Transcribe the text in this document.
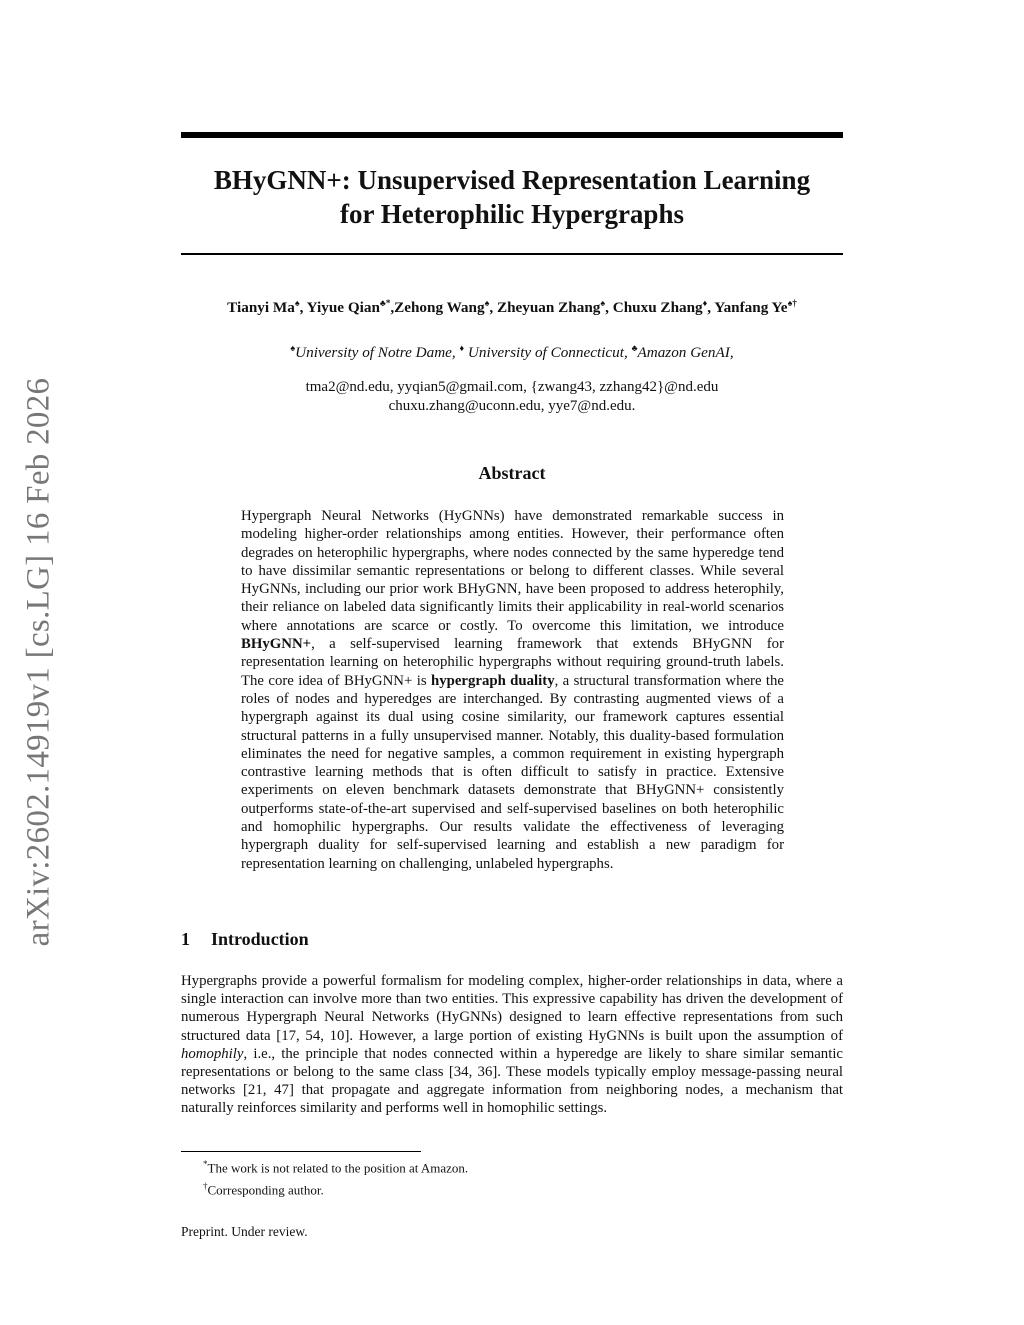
arXiv:2602.14919v1 [cs.LG] 16 Feb 2026
BHyGNN+: Unsupervised Representation Learning
for Heterophilic Hypergraphs
Tianyi Ma♠, Yiyue Qian♣*,Zehong Wang♠, Zheyuan Zhang♠, Chuxu Zhang♦, Yanfang Ye♠†
♠University of Notre Dame, ♦ University of Connecticut, ♣Amazon GenAI,
tma2@nd.edu, yyqian5@gmail.com, {zwang43, zzhang42}@nd.edu
chuxu.zhang@uconn.edu, yye7@nd.edu.
Abstract
Hypergraph Neural Networks (HyGNNs) have demonstrated remarkable success in modeling higher-order relationships among entities. However, their performance often degrades on heterophilic hypergraphs, where nodes connected by the same hyperedge tend to have dissimilar semantic representations or belong to different classes. While several HyGNNs, including our prior work BHyGNN, have been proposed to address heterophily, their reliance on labeled data significantly limits their applicability in real-world scenarios where annotations are scarce or costly. To overcome this limitation, we introduce BHyGNN+, a self-supervised learning framework that extends BHyGNN for representation learning on heterophilic hypergraphs without requiring ground-truth labels. The core idea of BHyGNN+ is hypergraph duality, a structural transformation where the roles of nodes and hyperedges are interchanged. By contrasting augmented views of a hypergraph against its dual using cosine similarity, our framework captures essential structural patterns in a fully unsupervised manner. Notably, this duality-based formulation eliminates the need for negative samples, a common requirement in existing hypergraph contrastive learning methods that is often difficult to satisfy in practice. Extensive experiments on eleven benchmark datasets demonstrate that BHyGNN+ consistently outperforms state-of-the-art supervised and self-supervised baselines on both heterophilic and homophilic hypergraphs. Our results validate the effectiveness of leveraging hypergraph duality for self-supervised learning and establish a new paradigm for representation learning on challenging, unlabeled hypergraphs.
1 Introduction
Hypergraphs provide a powerful formalism for modeling complex, higher-order relationships in data, where a single interaction can involve more than two entities. This expressive capability has driven the development of numerous Hypergraph Neural Networks (HyGNNs) designed to learn effective representations from such structured data [17, 54, 10]. However, a large portion of existing HyGNNs is built upon the assumption of homophily, i.e., the principle that nodes connected within a hyperedge are likely to share similar semantic representations or belong to the same class [34, 36]. These models typically employ message-passing neural networks [21, 47] that propagate and aggregate information from neighboring nodes, a mechanism that naturally reinforces similarity and performs well in homophilic settings.
*The work is not related to the position at Amazon.
†Corresponding author.
Preprint. Under review.
